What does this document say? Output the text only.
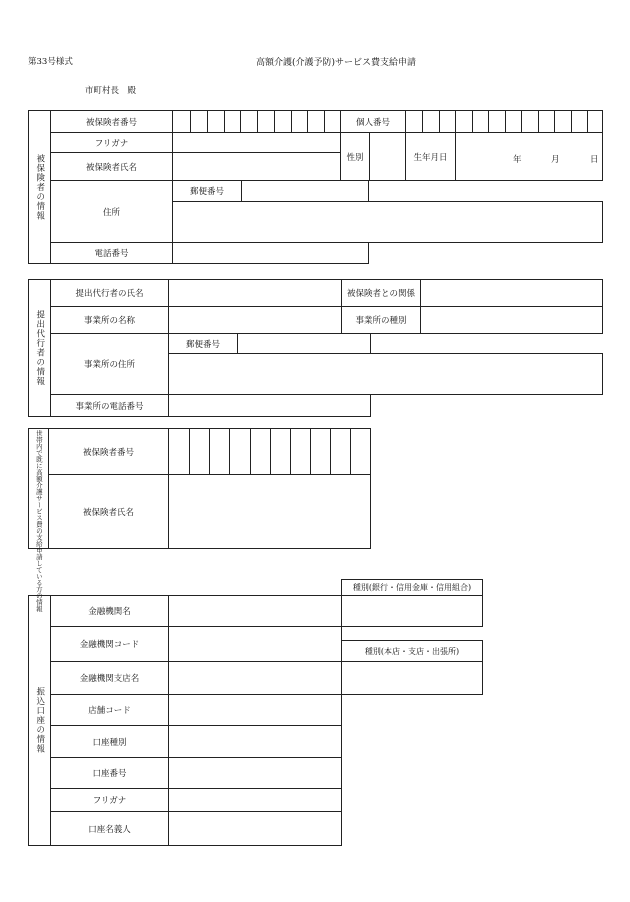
第33号様式	高額介護(介護予防)サービス費支給申請
市町村長　殿
被保険者の情報
被保険者番号	個人番号
フリガナ
被保険者氏名
性別	生年月日	年	月	日
住所
郵便番号
電話番号
提出代行者の情報
提出代行者の氏名	被保険者との関係
事業所の名称	事業所の種別
事業所の住所
郵便番号
事業所の電話番号
世帯内で既に高額介護サービス費の支給申請している方の情報	被保険者番号
被保険者氏名
種別(銀行・信用金庫・信用組合)
種別(本店・支店・出張所)
振込口座の情報
金融機関名
金融機関コード
金融機関支店名
店舗コード
口座種別
口座番号
フリガナ
口座名義人
